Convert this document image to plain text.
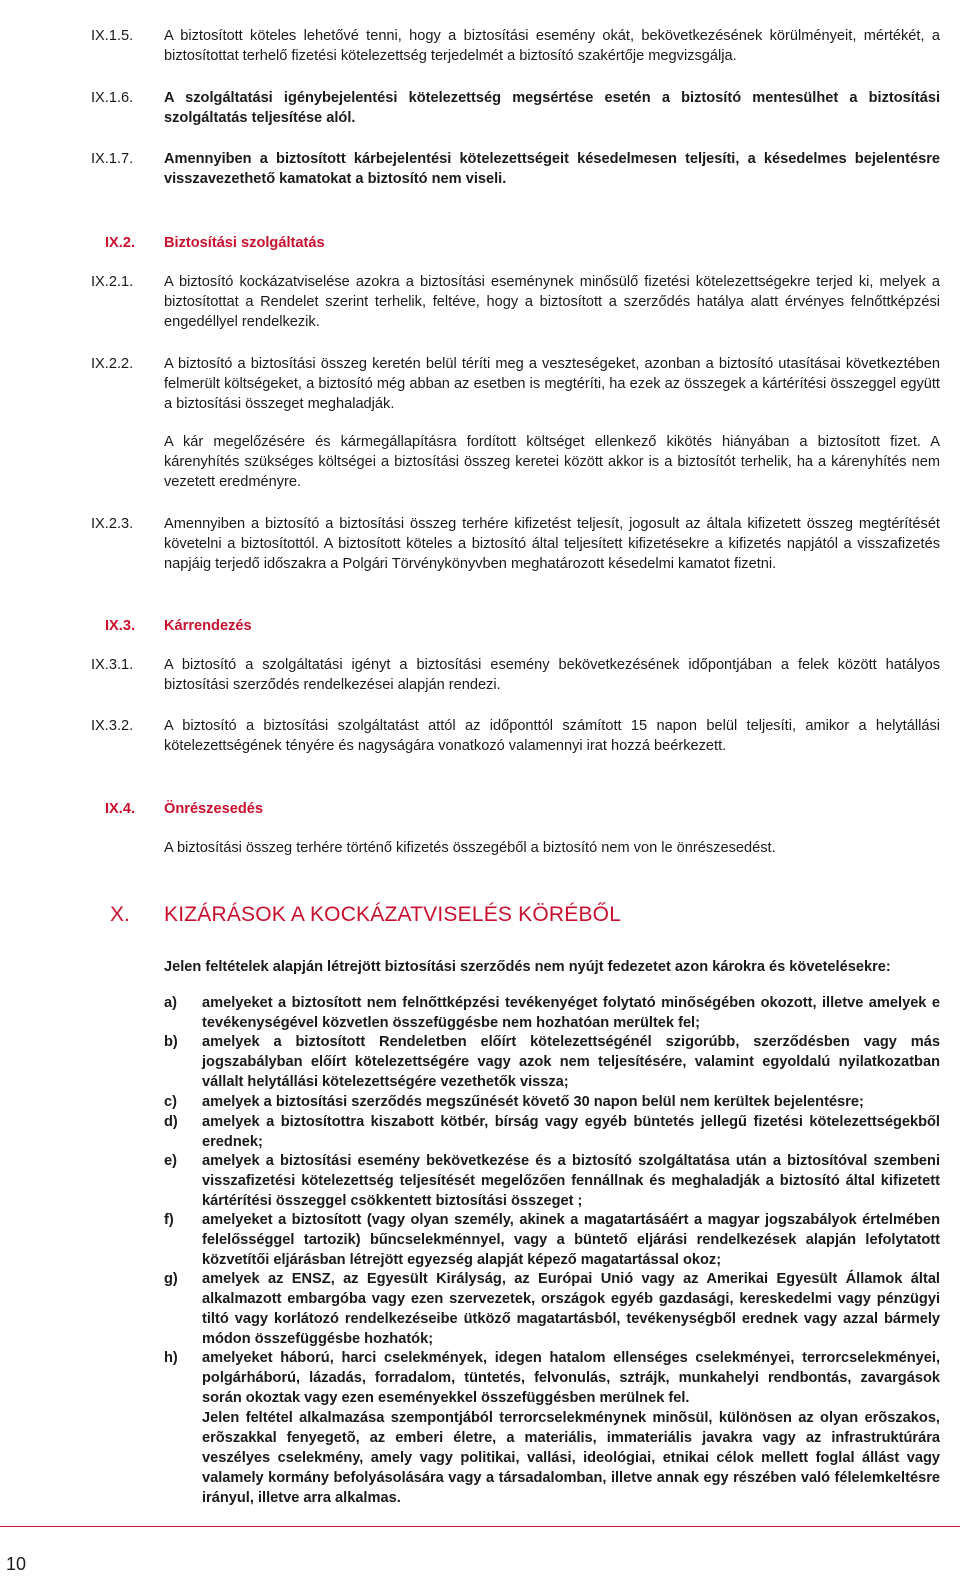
IX.1.5.	A biztosított köteles lehetővé tenni, hogy a biztosítási esemény okát, bekövetkezésének körülményeit, mértékét, a biztosítottat terhelő fizetési kötelezettség terjedelmét a biztosító szakértője megvizsgálja.
IX.1.6.	A szolgáltatási igénybejelentési kötelezettség megsértése esetén a biztosító mentesülhet a biztosítási szolgáltatás teljesítése alól.
IX.1.7.	Amennyiben a biztosított kárbejelentési kötelezettségeit késedelmesen teljesíti, a késedelmes bejelentésre visszavezethető kamatokat a biztosító nem viseli.
IX.2. Biztosítási szolgáltatás
IX.2.1.	A biztosító kockázatviselése azokra a biztosítási eseménynek minősülő fizetési kötelezettségekre terjed ki, melyek a biztosítottat a Rendelet szerint terhelik, feltéve, hogy a biztosított a szerződés hatálya alatt érvényes felnőttképzési engedéllyel rendelkezik.
IX.2.2.	A biztosító a biztosítási összeg keretén belül téríti meg a veszteségeket, azonban a biztosító utasításai következtében felmerült költségeket, a biztosító még abban az esetben is megtéríti, ha ezek az összegek a kártérítési összeggel együtt a biztosítási összeget meghaladják.
A kár megelőzésére és kármegállapításra fordított költséget ellenkező kikötés hiányában a biztosított fizet. A kárenyhítés szükséges költségei a biztosítási összeg keretei között akkor is a biztosítót terhelik, ha a kárenyhítés nem vezetett eredményre.
IX.2.3.	Amennyiben a biztosító a biztosítási összeg terhére kifizetést teljesít, jogosult az általa kifizetett összeg megtérítését követelni a biztosítottól. A biztosított köteles a biztosító által teljesített kifizetésekre a kifizetés napjától a visszafizetés napjáig terjedő időszakra a Polgári Törvénykönyvben meghatározott késedelmi kamatot fizetni.
IX.3. Kárrendezés
IX.3.1.	A biztosító a szolgáltatási igényt a biztosítási esemény bekövetkezésének időpontjában a felek között hatályos biztosítási szerződés rendelkezései alapján rendezi.
IX.3.2.	A biztosító a biztosítási szolgáltatást attól az időponttól számított 15 napon belül teljesíti, amikor a helytállási kötelezettségének tényére és nagyságára vonatkozó valamennyi irat hozzá beérkezett.
IX.4. Önrészesedés
A biztosítási összeg terhére történő kifizetés összegéből a biztosító nem von le önrészesedést.
X. KIZÁRÁSOK A KOCKÁZATVISELÉS KÖRÉBŐL
Jelen feltételek alapján létrejött biztosítási szerződés nem nyújt fedezetet azon károkra és követelésekre:
a)	amelyeket a biztosított nem felnőttképzési tevékenyéget folytató minőségében okozott, illetve amelyek e tevékenységével közvetlen összefüggésbe nem hozhatóan merültek fel;
b)	amelyek a biztosított Rendeletben előírt kötelezettségénél szigorúbb, szerződésben vagy más jogszabályban előírt kötelezettségére vagy azok nem teljesítésére, valamint egyoldalú nyilatkozatban vállalt helytállási kötelezettségére vezethetők vissza;
c)	amelyek a biztosítási szerződés megszűnését követő 30 napon belül nem kerültek bejelentésre;
d)	amelyek a biztosítottra kiszabott kötbér, bírság vagy egyéb büntetés jellegű fizetési kötelezettségekből erednek;
e)	amelyek a biztosítási esemény bekövetkezése és a biztosító szolgáltatása után a biztosítóval szembeni visszafizetési kötelezettség teljesítését megelőzően fennállnak és meghaladják a biztosító által kifizetett kártérítési összeggel csökkentett biztosítási összeget ;
f)	amelyeket a biztosított (vagy olyan személy, akinek a magatartásáért a magyar jogszabályok értelmében felelősséggel tartozik) bűncselekménnyel, vagy a büntető eljárási rendelkezések alapján lefolytatott közvetítői eljárásban létrejött egyezség alapját képező magatartással okoz;
g)	amelyek az ENSZ, az Egyesült Királyság, az Európai Unió vagy az Amerikai Egyesült Államok által alkalmazott embargóba vagy ezen szervezetek, országok egyéb gazdasági, kereskedelmi vagy pénzügyi tiltó vagy korlátozó rendelkezéseibe ütköző magatartásból, tevékenységből erednek vagy azzal bármely módon összefüggésbe hozhatók;
h)	amelyeket háború, harci cselekmények, idegen hatalom ellenséges cselekményei, terrorcselekményei, polgárháború, lázadás, forradalom, tüntetés, felvonulás, sztrájk, munkahelyi rendbontás, zavargások során okoztak vagy ezen eseményekkel összefüggésben merülnek fel.
Jelen feltétel alkalmazása szempontjából terrorcselekménynek minõsül, különösen az olyan erõszakos, erõszakkal fenyegetõ, az emberi életre, a materiális, immateriális javakra vagy az infrastruktúrára veszélyes cselekmény, amely vagy politikai, vallási, ideológiai, etnikai célok mellett foglal állást vagy valamely kormány befolyásolására vagy a társadalomban, illetve annak egy részében való félelemkeltésre irányul, illetve arra alkalmas.
10
